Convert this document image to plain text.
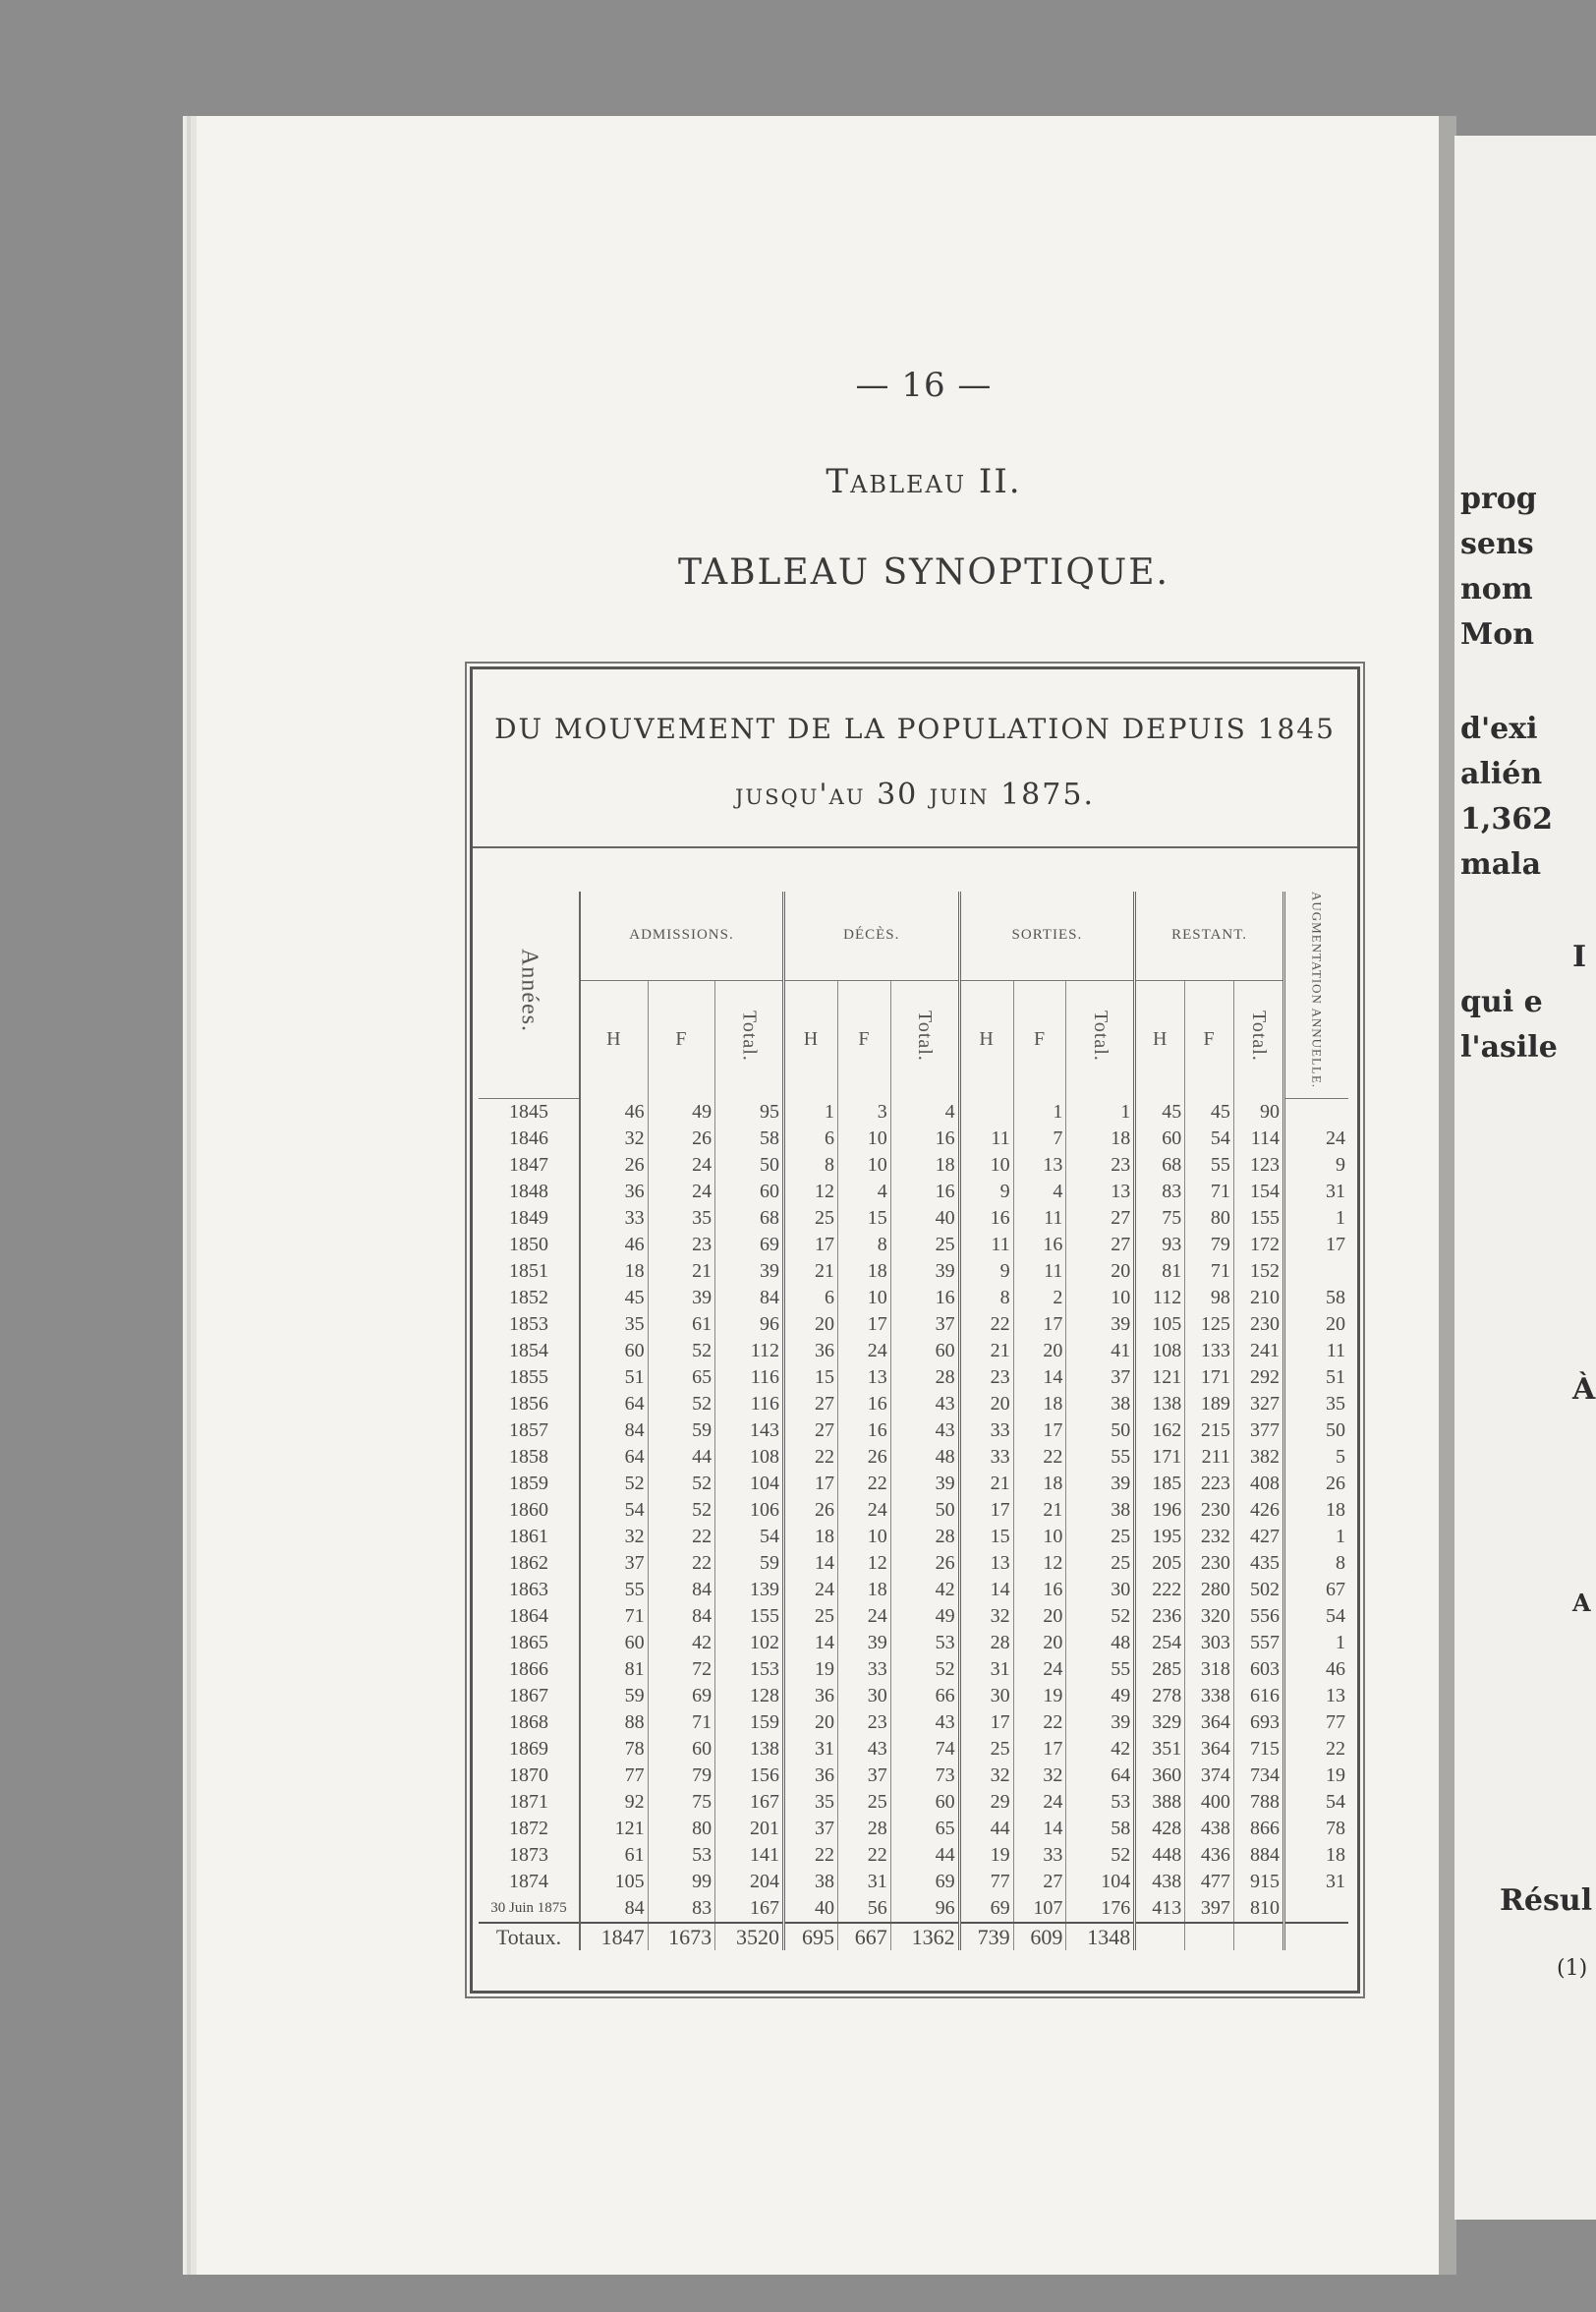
prog
sens
nom
Mon
d'exi
alién
1,362
mala
I
qui e
l'asile
À
A
Résul
(1)
— 16 —
Tableau II.
TABLEAU SYNOPTIQUE.
DU MOUVEMENT DE LA POPULATION DEPUIS 1845
jusqu'au 30 juin 1875.
Années.	ADMISSIONS.			DÉCÈS.			SORTIES.			RESTANT.			AUGMENTATION ANNUELLE.
	H	F	Total.	H	F	Total.	H	F	Total.	H	F	Total.	
1845	46	49	95	1	3	4		1	1	45	45	90	
1846	32	26	58	6	10	16	11	7	18	60	54	114	24
1847	26	24	50	8	10	18	10	13	23	68	55	123	9
1848	36	24	60	12	4	16	9	4	13	83	71	154	31
1849	33	35	68	25	15	40	16	11	27	75	80	155	1
1850	46	23	69	17	8	25	11	16	27	93	79	172	17
1851	18	21	39	21	18	39	9	11	20	81	71	152	
1852	45	39	84	6	10	16	8	2	10	112	98	210	58
1853	35	61	96	20	17	37	22	17	39	105	125	230	20
1854	60	52	112	36	24	60	21	20	41	108	133	241	11
1855	51	65	116	15	13	28	23	14	37	121	171	292	51
1856	64	52	116	27	16	43	20	18	38	138	189	327	35
1857	84	59	143	27	16	43	33	17	50	162	215	377	50
1858	64	44	108	22	26	48	33	22	55	171	211	382	5
1859	52	52	104	17	22	39	21	18	39	185	223	408	26
1860	54	52	106	26	24	50	17	21	38	196	230	426	18
1861	32	22	54	18	10	28	15	10	25	195	232	427	1
1862	37	22	59	14	12	26	13	12	25	205	230	435	8
1863	55	84	139	24	18	42	14	16	30	222	280	502	67
1864	71	84	155	25	24	49	32	20	52	236	320	556	54
1865	60	42	102	14	39	53	28	20	48	254	303	557	1
1866	81	72	153	19	33	52	31	24	55	285	318	603	46
1867	59	69	128	36	30	66	30	19	49	278	338	616	13
1868	88	71	159	20	23	43	17	22	39	329	364	693	77
1869	78	60	138	31	43	74	25	17	42	351	364	715	22
1870	77	79	156	36	37	73	32	32	64	360	374	734	19
1871	92	75	167	35	25	60	29	24	53	388	400	788	54
1872	121	80	201	37	28	65	44	14	58	428	438	866	78
1873	61	53	141	22	22	44	19	33	52	448	436	884	18
1874	105	99	204	38	31	69	77	27	104	438	477	915	31
30 Juin 1875	84	83	167	40	56	96	69	107	176	413	397	810	
Totaux.	1847	1673	3520	695	667	1362	739	609	1348				
